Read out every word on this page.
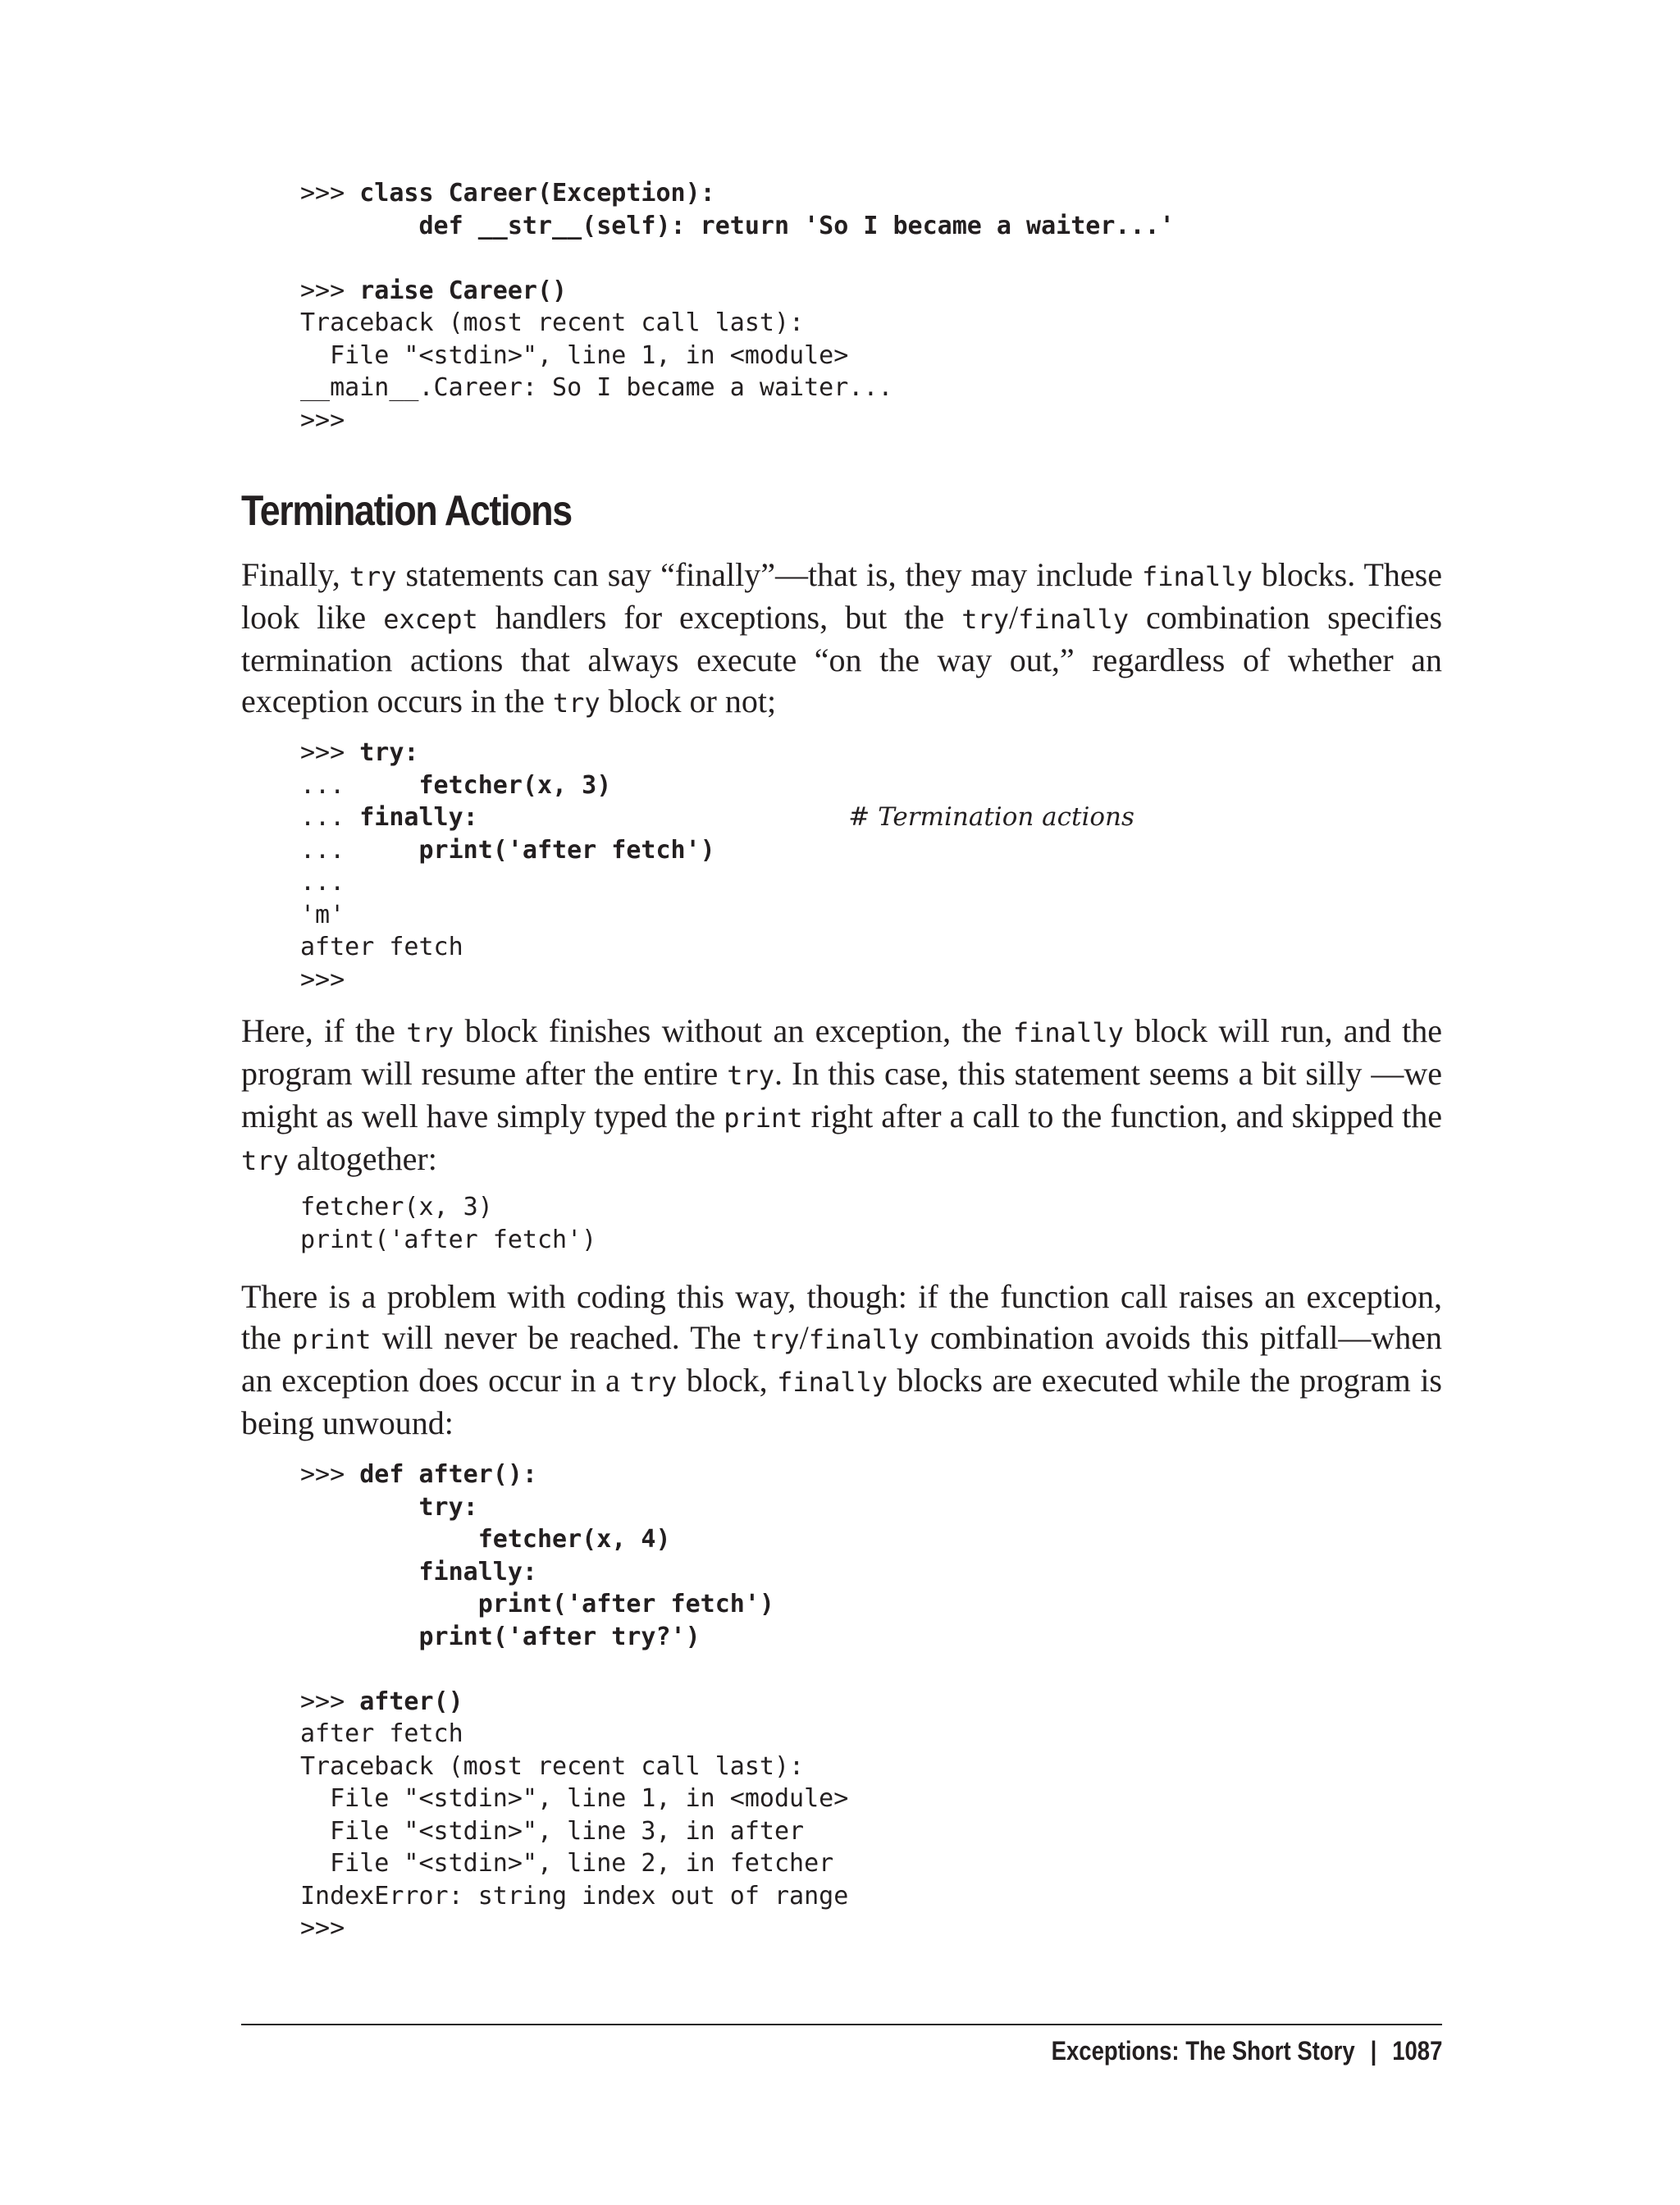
>>> class Career(Exception):
def __str__(self): return 'So I became a waiter...'

>>> raise Career()
Traceback (most recent call last):
File "<stdin>", line 1, in <module>
__main__.Career: So I became a waiter...
>>>
Termination Actions

Finally, try statements can say “finally”—that is, they may include finally blocks. These look like except handlers for exceptions, but the try/finally combination specifies termination actions that always execute “on the way out,” regardless of whether an exception occurs in the try block or not;

>>> try:
...     fetcher(x, 3)
... finally:	# Termination actions
...     print('after fetch')
...
'm'
after fetch
>>>

Here, if the try block finishes without an exception, the finally block will run, and the program will resume after the entire try. In this case, this statement seems a bit silly —we might as well have simply typed the print right after a call to the function, and skipped the try altogether:

fetcher(x, 3)
print('after fetch')

There is a problem with coding this way, though: if the function call raises an exception, the print will never be reached. The try/finally combination avoids this pitfall—when an exception does occur in a try block, finally blocks are executed while the program is being unwound:

>>> def after():
try:
fetcher(x, 4)
finally:
print('after fetch')
print('after try?')

>>> after()
after fetch
Traceback (most recent call last):
File "<stdin>", line 1, in <module>
File "<stdin>", line 3, in after
File "<stdin>", line 2, in fetcher
IndexError: string index out of range
>>>
Exceptions: The Short Story | 1087
